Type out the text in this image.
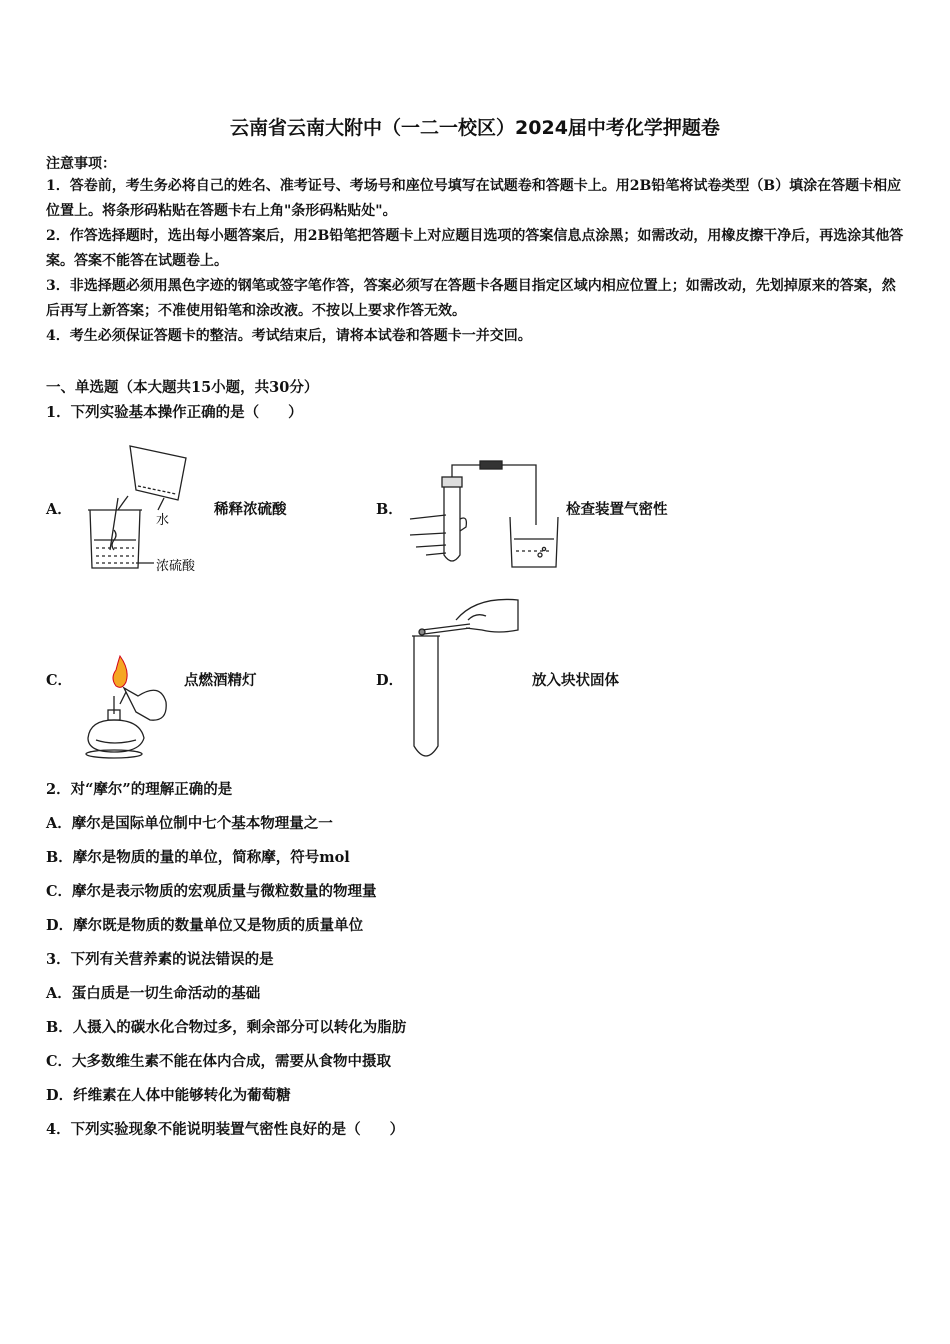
云南省云南大附中（一二一校区）2024届中考化学押题卷
注意事项：
1．答卷前，考生务必将自己的姓名、准考证号、考场号和座位号填写在试题卷和答题卡上。用2B铅笔将试卷类型（B）填涂在答题卡相应位置上。将条形码粘贴在答题卡右上角"条形码粘贴处"。
2．作答选择题时，选出每小题答案后，用2B铅笔把答题卡上对应题目选项的答案信息点涂黑；如需改动，用橡皮擦干净后，再选涂其他答案。答案不能答在试题卷上。
3．非选择题必须用黑色字迹的钢笔或签字笔作答，答案必须写在答题卡各题目指定区域内相应位置上；如需改动，先划掉原来的答案，然后再写上新答案；不准使用铅笔和涂改液。不按以上要求作答无效。
4．考生必须保证答题卡的整洁。考试结束后，请将本试卷和答题卡一并交回。
一、单选题（本大题共15小题，共30分）
1．下列实验基本操作正确的是（　　）
A．
水
浓硫酸
稀释浓硫酸	B．	检查装置气密性
C．	点燃酒精灯	D．	放入块状固体
2．对“摩尔”的理解正确的是
A．摩尔是国际单位制中七个基本物理量之一
B．摩尔是物质的量的单位，简称摩，符号mol
C．摩尔是表示物质的宏观质量与微粒数量的物理量
D．摩尔既是物质的数量单位又是物质的质量单位
3．下列有关营养素的说法错误的是
A．蛋白质是一切生命活动的基础
B．人摄入的碳水化合物过多，剩余部分可以转化为脂肪
C．大多数维生素不能在体内合成，需要从食物中摄取
D．纤维素在人体中能够转化为葡萄糖
4．下列实验现象不能说明装置气密性良好的是（　　）
